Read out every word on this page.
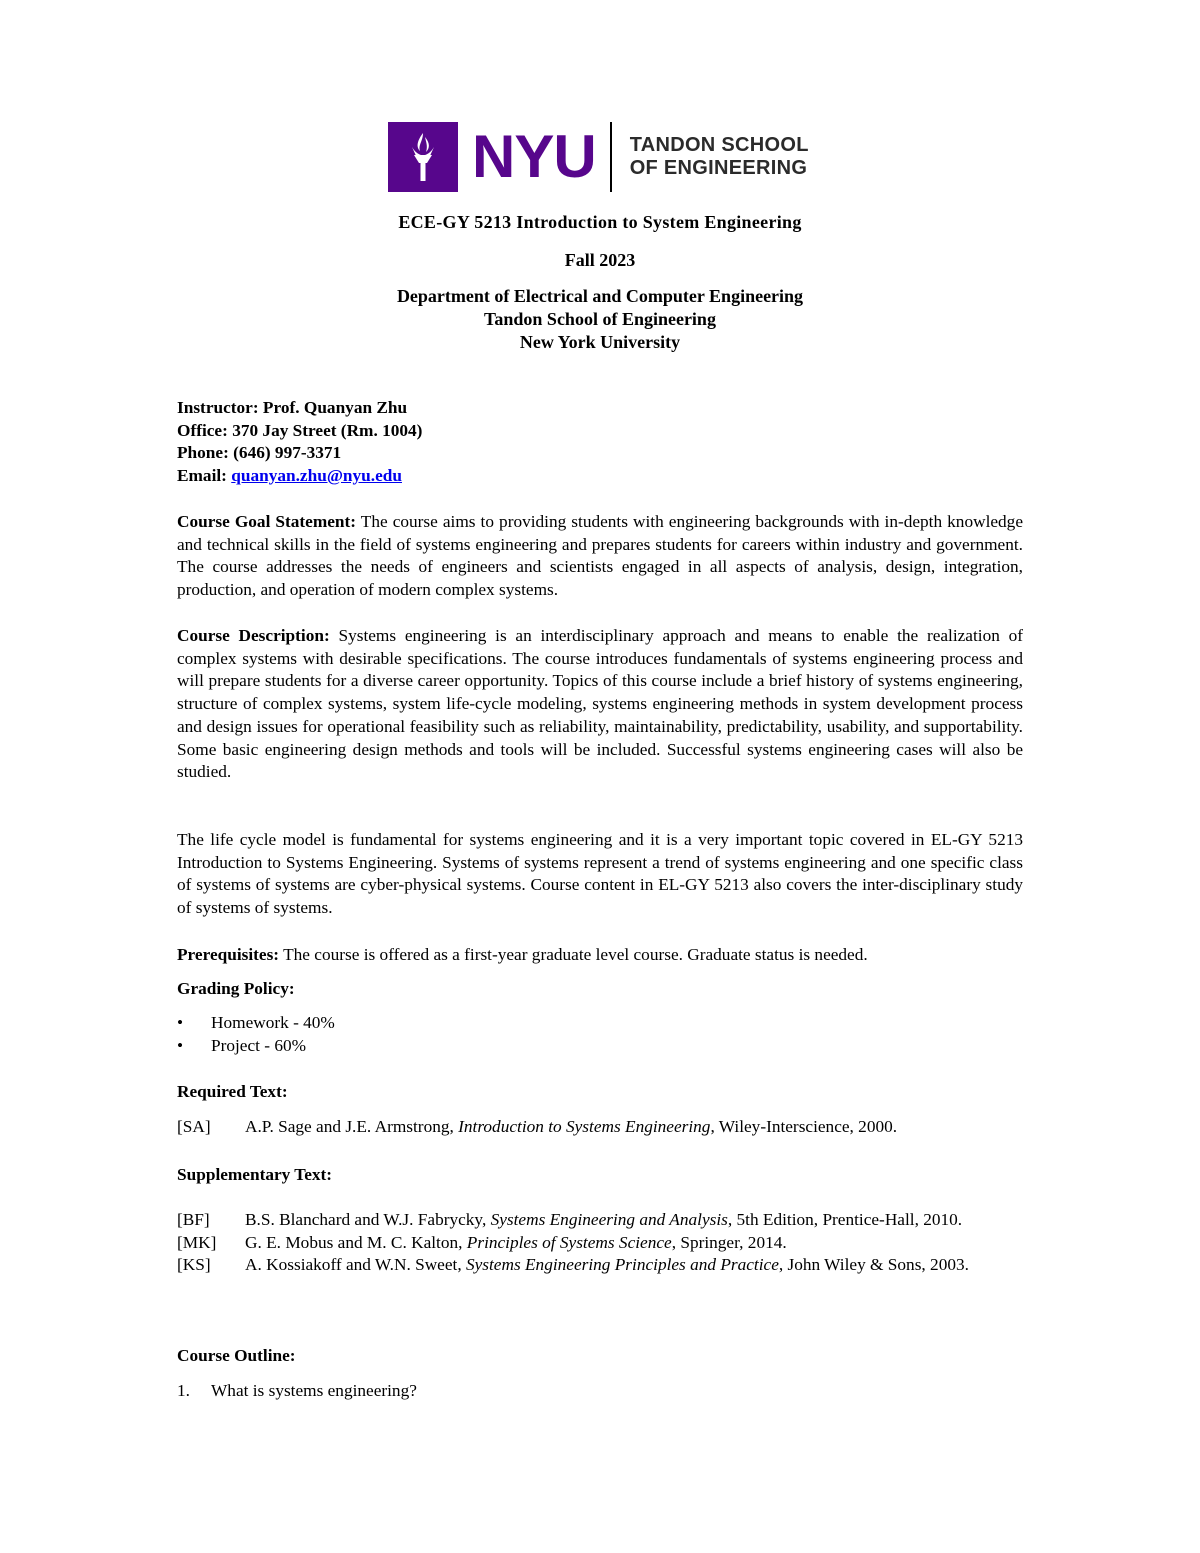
NYU TANDON SCHOOL
OF ENGINEERING
ECE-GY 5213 Introduction to System Engineering
Fall 2023
Department of Electrical and Computer Engineering
Tandon School of Engineering
New York University
Instructor: Prof. Quanyan Zhu
Office: 370 Jay Street (Rm. 1004)
Phone: (646) 997-3371
Email: quanyan.zhu@nyu.edu
Course Goal Statement: The course aims to providing students with engineering backgrounds with in-depth knowledge and technical skills in the field of systems engineering and prepares students for careers within industry and government. The course addresses the needs of engineers and scientists engaged in all aspects of analysis, design, integration, production, and operation of modern complex systems.
Course Description: Systems engineering is an interdisciplinary approach and means to enable the realization of complex systems with desirable specifications. The course introduces fundamentals of systems engineering process and will prepare students for a diverse career opportunity. Topics of this course include a brief history of systems engineering, structure of complex systems, system life-cycle modeling, systems engineering methods in system development process and design issues for operational feasibility such as reliability, maintainability, predictability, usability, and supportability. Some basic engineering design methods and tools will be included. Successful systems engineering cases will also be studied.
The life cycle model is fundamental for systems engineering and it is a very important topic covered in EL-GY 5213 Introduction to Systems Engineering. Systems of systems represent a trend of systems engineering and one specific class of systems of systems are cyber-physical systems. Course content in EL-GY 5213 also covers the inter-disciplinary study of systems of systems.
Prerequisites: The course is offered as a first-year graduate level course. Graduate status is needed.
Grading Policy:
• Homework - 40%
• Project - 60%
Required Text:
[SA]	A.P. Sage and J.E. Armstrong, Introduction to Systems Engineering, Wiley-Interscience, 2000.
Supplementary Text:
[BF]	B.S. Blanchard and W.J. Fabrycky, Systems Engineering and Analysis, 5th Edition, Prentice-Hall, 2010.
[MK]	G. E. Mobus and M. C. Kalton, Principles of Systems Science, Springer, 2014.
[KS]	A. Kossiakoff and W.N. Sweet, Systems Engineering Principles and Practice, John Wiley & Sons, 2003.
Course Outline:
1.	What is systems engineering?
